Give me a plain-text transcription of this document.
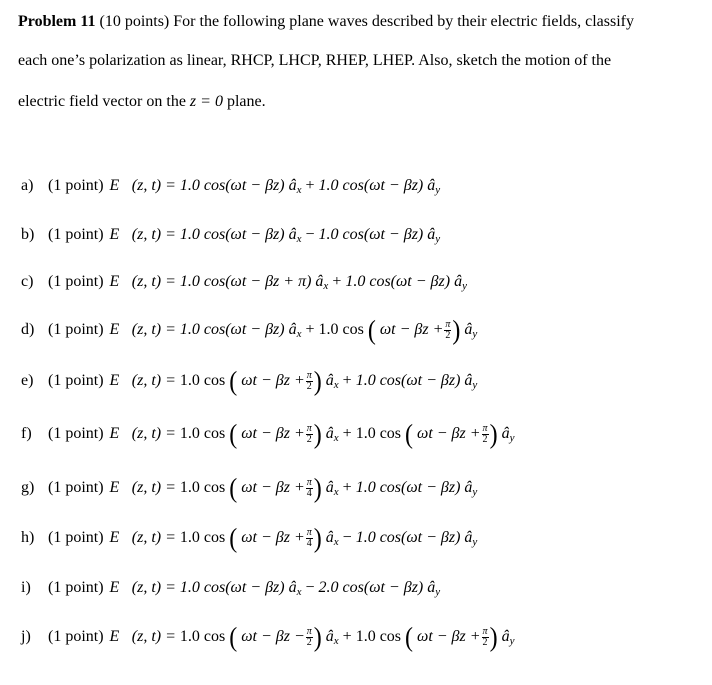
Problem 11 (10 points) For the following plane waves described by their electric fields, classify
each one’s polarization as linear, RHCP, LHCP, RHEP, LHEP. Also, sketch the motion of the
electric field vector on the z = 0 plane.
a) (1 point) E⃗(z, t) = 1.0 cos(ωt − βz) $â_x + 1.0$ cos(ωt − βz) $â_y$
b) (1 point) E⃗(z, t) = 1.0 cos(ωt − βz) $â_x - 1.0$ cos(ωt − βz) $â_y$
c) (1 point) E⃗(z, t) = 1.0 cos(ωt − βz + π) $â_x + 1.0$ cos(ωt − βz) $â_y$
d) (1 point) E⃗(z, t) = 1.0 cos(ωt − βz) $â_x + 1.0$ cos ( $\omega t - \beta z + \frac{\pi}{2}$ ) $â_y$
e) (1 point) E⃗(z, t) = 1.0 cos ( $\omega t - \beta z + \frac{\pi}{2}$ ) $â_x + 1.0$ cos(ωt − βz) $â_y$
f) (1 point) E⃗(z, t) = 1.0 cos ( $\omega t - \beta z + \frac{\pi}{2}$ ) $â_x + 1.0$ cos ( $\omega t - \beta z + \frac{\pi}{2}$ ) $â_y$
g) (1 point) E⃗(z, t) = 1.0 cos ( $\omega t - \beta z + \frac{\pi}{4}$ ) $â_x + 1.0$ cos(ωt − βz) $â_y$
h) (1 point) E⃗(z, t) = 1.0 cos ( $\omega t - \beta z + \frac{\pi}{4}$ ) $â_x - 1.0$ cos(ωt − βz) $â_y$
i) (1 point) E⃗(z, t) = 1.0 cos(ωt − βz) $â_x - 2.0$ cos(ωt − βz) $â_y$
j) (1 point) E⃗(z, t) = 1.0 cos ( $\omega t - \beta z - \frac{\pi}{2}$ ) $â_x + 1.0$ cos ( $\omega t - \beta z + \frac{\pi}{2}$ ) $â_y$
